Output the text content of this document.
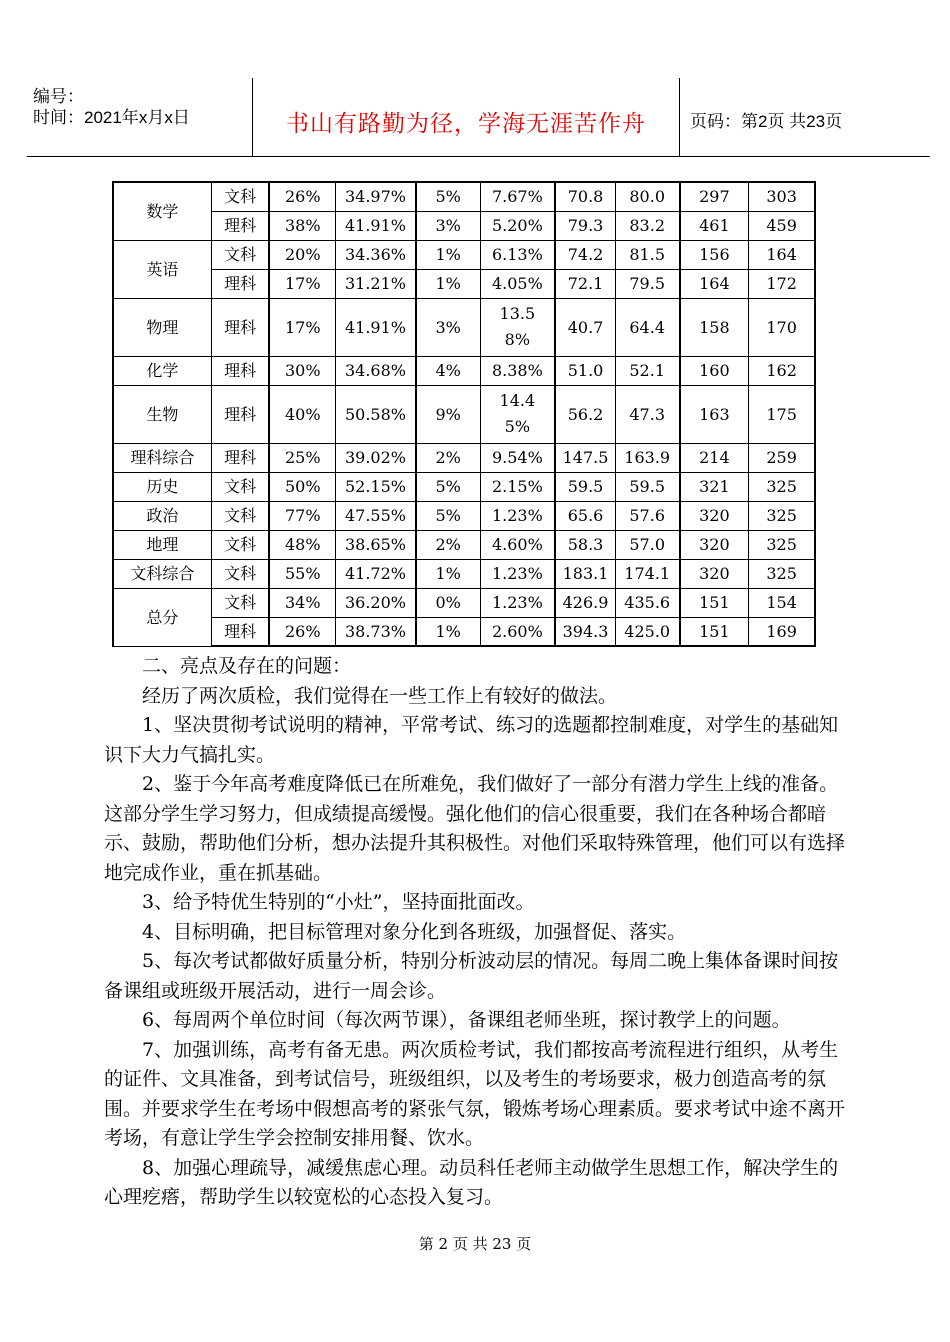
编号：
时间：2021年x月x日	书山有路勤为径，学海无涯苦作舟	页码：第2页 共23页
数学	文科	26%	34.97%	5%	7.67%	70.8	80.0	297	303
	理科	38%	41.91%	3%	5.20%	79.3	83.2	461	459
英语	文科	20%	34.36%	1%	6.13%	74.2	81.5	156	164
	理科	17%	31.21%	1%	4.05%	72.1	79.5	164	172
物理	理科	17%	41.91%	3%	13.58%	40.7	64.4	158	170
化学	理科	30%	34.68%	4%	8.38%	51.0	52.1	160	162
生物	理科	40%	50.58%	9%	14.45%	56.2	47.3	163	175
理科综合	理科	25%	39.02%	2%	9.54%	147.5	163.9	214	259
历史	文科	50%	52.15%	5%	2.15%	59.5	59.5	321	325
政治	文科	77%	47.55%	5%	1.23%	65.6	57.6	320	325
地理	文科	48%	38.65%	2%	4.60%	58.3	57.0	320	325
文科综合	文科	55%	41.72%	1%	1.23%	183.1	174.1	320	325
总分	文科	34%	36.20%	0%	1.23%	426.9	435.6	151	154
	理科	26%	38.73%	1%	2.60%	394.3	425.0	151	169

二、亮点及存在的问题：

经历了两次质检，我们觉得在一些工作上有较好的做法。

1、坚决贯彻考试说明的精神，平常考试、练习的选题都控制难度，对学生的基础知识下大力气搞扎实。

2、鉴于今年高考难度降低已在所难免，我们做好了一部分有潜力学生上线的准备。这部分学生学习努力，但成绩提高缓慢。强化他们的信心很重要，我们在各种场合都暗示、鼓励，帮助他们分析，想办法提升其积极性。对他们采取特殊管理，他们可以有选择地完成作业，重在抓基础。

3、给予特优生特别的“小灶”，坚持面批面改。

4、目标明确，把目标管理对象分化到各班级，加强督促、落实。

5、每次考试都做好质量分析，特别分析波动层的情况。每周二晚上集体备课时间按备课组或班级开展活动，进行一周会诊。

6、每周两个单位时间（每次两节课），备课组老师坐班，探讨教学上的问题。

7、加强训练，高考有备无患。两次质检考试，我们都按高考流程进行组织，从考生的证件、文具准备，到考试信号，班级组织，以及考生的考场要求，极力创造高考的氛围。并要求学生在考场中假想高考的紧张气氛，锻炼考场心理素质。要求考试中途不离开考场，有意让学生学会控制安排用餐、饮水。

8、加强心理疏导，减缓焦虑心理。动员科任老师主动做学生思想工作，解决学生的心理疙瘩，帮助学生以较宽松的心态投入复习。

第 2 页 共 23 页
